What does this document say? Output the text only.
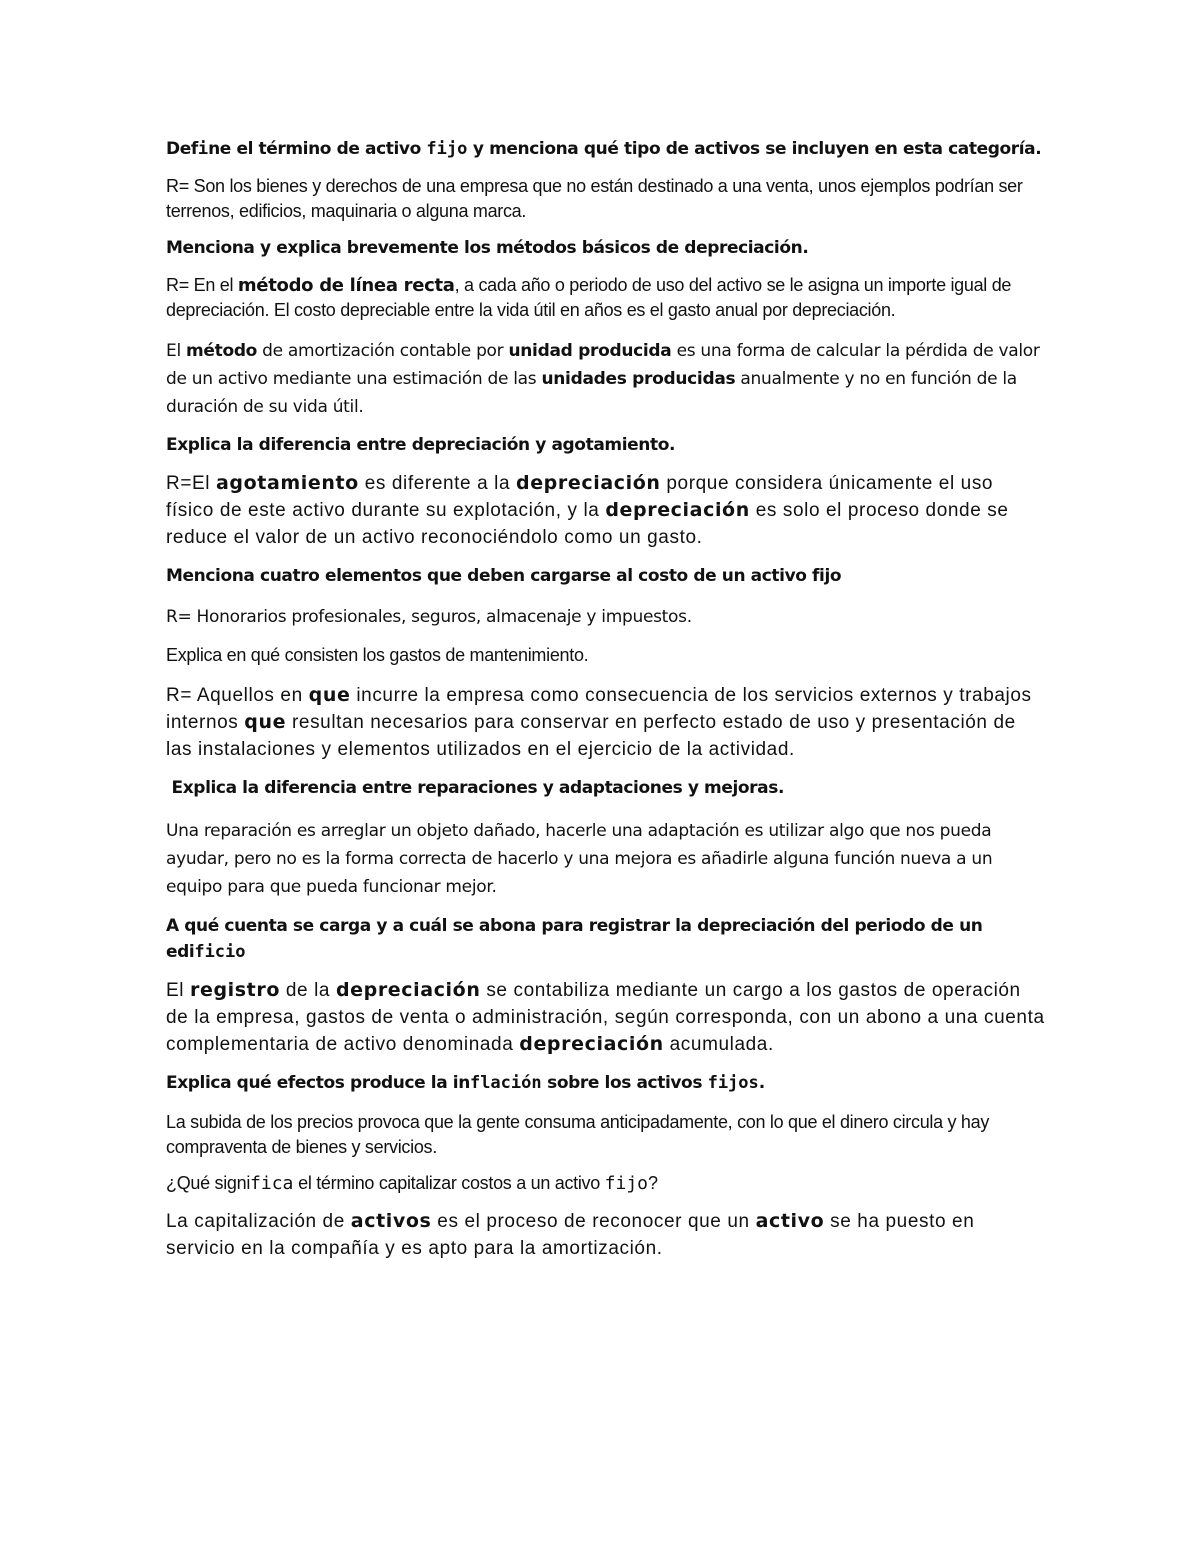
Define el término de activo fijo y menciona qué tipo de activos se incluyen en esta categoría.

R= Son los bienes y derechos de una empresa que no están destinado a una venta, unos ejemplos podrían ser terrenos, edificios, maquinaria o alguna marca.

Menciona y explica brevemente los métodos básicos de depreciación.

R= En el método de línea recta, a cada año o periodo de uso del activo se le asigna un importe igual de depreciación. El costo depreciable entre la vida útil en años es el gasto anual por depreciación.

El método de amortización contable por unidad producida es una forma de calcular la pérdida de valor de un activo mediante una estimación de las unidades producidas anualmente y no en función de la duración de su vida útil.

Explica la diferencia entre depreciación y agotamiento.

R=El agotamiento es diferente a la depreciación porque considera únicamente el uso físico de este activo durante su explotación, y la depreciación es solo el proceso donde se reduce el valor de un activo reconociéndolo como un gasto.

Menciona cuatro elementos que deben cargarse al costo de un activo fijo

R= Honorarios profesionales, seguros, almacenaje y impuestos.

Explica en qué consisten los gastos de mantenimiento.

R= Aquellos en que incurre la empresa como consecuencia de los servicios externos y trabajos internos que resultan necesarios para conservar en perfecto estado de uso y presentación de las instalaciones y elementos utilizados en el ejercicio de la actividad.

Explica la diferencia entre reparaciones y adaptaciones y mejoras.

Una reparación es arreglar un objeto dañado, hacerle una adaptación es utilizar algo que nos pueda ayudar, pero no es la forma correcta de hacerlo y una mejora es añadirle alguna función nueva a un equipo para que pueda funcionar mejor.

A qué cuenta se carga y a cuál se abona para registrar la depreciación del periodo de un edificio

El registro de la depreciación se contabiliza mediante un cargo a los gastos de operación de la empresa, gastos de venta o administración, según corresponda, con un abono a una cuenta complementaria de activo denominada depreciación acumulada.

Explica qué efectos produce la inflación sobre los activos fijos.

La subida de los precios provoca que la gente consuma anticipadamente, con lo que el dinero circula y hay compraventa de bienes y servicios.

¿Qué significa el término capitalizar costos a un activo fijo?

La capitalización de activos es el proceso de reconocer que un activo se ha puesto en servicio en la compañía y es apto para la amortización.
